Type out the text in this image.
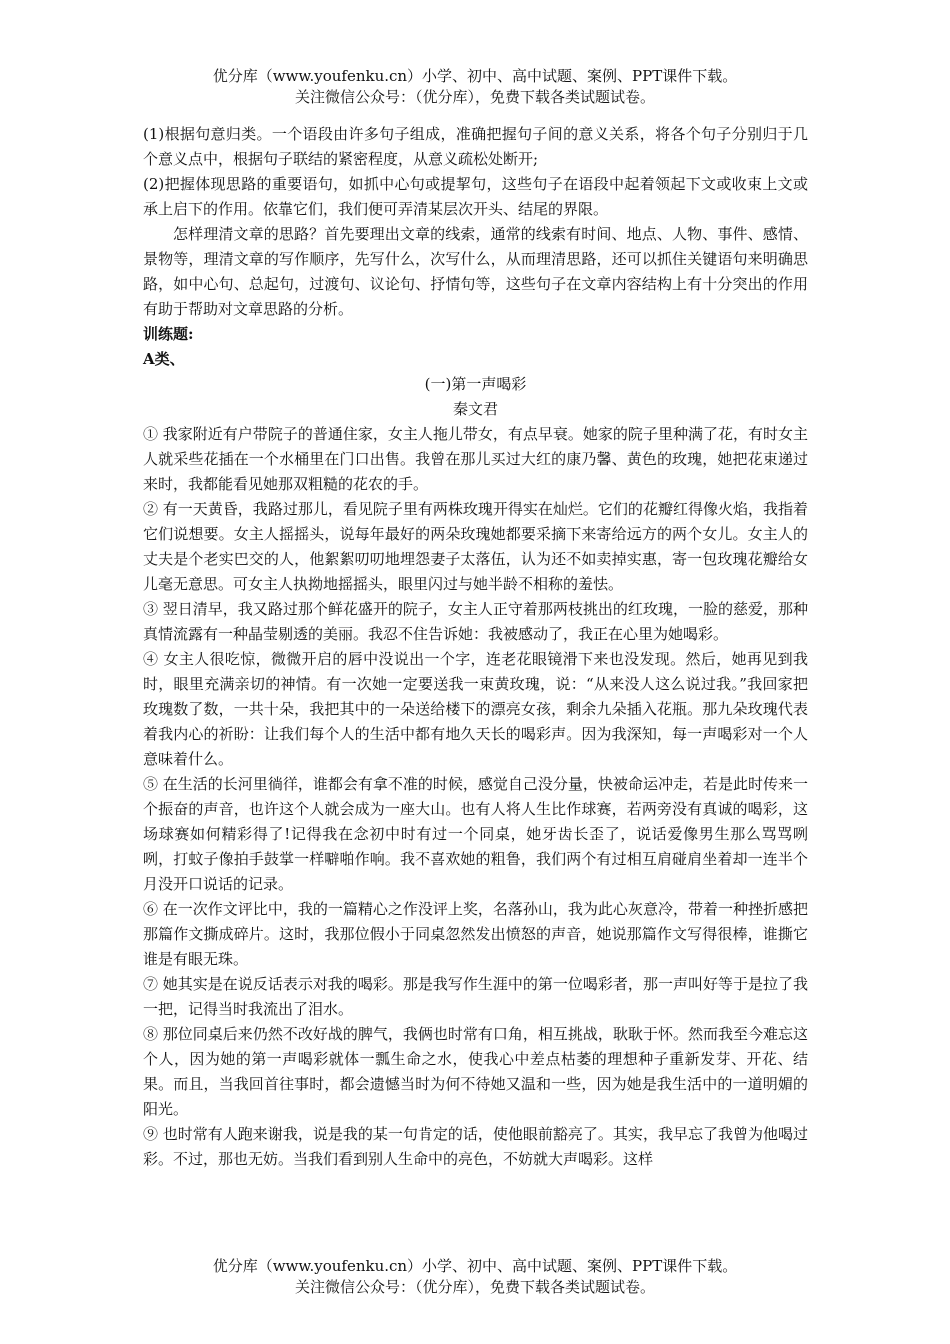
优分库（www.youfenku.cn）小学、初中、高中试题、案例、PPT课件下载。
关注微信公众号：（优分库），免费下载各类试题试卷。

(1)根据句意归类。一个语段由许多句子组成，准确把握句子间的意义关系，将各个句子分别归于几个意义点中，根据句子联结的紧密程度，从意义疏松处断开;

(2)把握体现思路的重要语句，如抓中心句或提挈句，这些句子在语段中起着领起下文或收束上文或承上启下的作用。依靠它们，我们便可弄清某层次开头、结尾的界限。

怎样理清文章的思路？首先要理出文章的线索，通常的线索有时间、地点、人物、事件、感情、景物等，理清文章的写作顺序，先写什么，次写什么，从而理清思路，还可以抓住关键语句来明确思路，如中心句、总起句，过渡句、议论句、抒情句等，这些句子在文章内容结构上有十分突出的作用有助于帮助对文章思路的分析。

训练题:

A类、

(一)第一声喝彩

秦文君

① 我家附近有户带院子的普通住家，女主人拖儿带女，有点早衰。她家的院子里种满了花，有时女主人就采些花插在一个水桶里在门口出售。我曾在那儿买过大红的康乃馨、黄色的玫瑰，她把花束递过来时，我都能看见她那双粗糙的花农的手。

② 有一天黄昏，我路过那儿，看见院子里有两株玫瑰开得实在灿烂。它们的花瓣红得像火焰，我指着它们说想要。女主人摇摇头，说每年最好的两朵玫瑰她都要采摘下来寄给远方的两个女儿。女主人的丈夫是个老实巴交的人，他絮絮叨叨地埋怨妻子太落伍，认为还不如卖掉实惠，寄一包玫瑰花瓣给女儿毫无意思。可女主人执拗地摇摇头，眼里闪过与她半龄不相称的羞怯。

③ 翌日清早，我又路过那个鲜花盛开的院子，女主人正守着那两枝挑出的红玫瑰，一脸的慈爱，那种真情流露有一种晶莹剔透的美丽。我忍不住告诉她：我被感动了，我正在心里为她喝彩。

④ 女主人很吃惊，微微开启的唇中没说出一个字，连老花眼镜滑下来也没发现。然后，她再见到我时，眼里充满亲切的神情。有一次她一定要送我一束黄玫瑰，说：“从来没人这么说过我。”我回家把玫瑰数了数，一共十朵，我把其中的一朵送给楼下的漂亮女孩，剩余九朵插入花瓶。那九朵玫瑰代表着我内心的祈盼：让我们每个人的生活中都有地久天长的喝彩声。因为我深知，每一声喝彩对一个人意味着什么。

⑤ 在生活的长河里徜徉，谁都会有拿不准的时候，感觉自己没分量，快被命运冲走，若是此时传来一个振奋的声音，也许这个人就会成为一座大山。也有人将人生比作球赛，若两旁没有真诚的喝彩，这场球赛如何精彩得了!记得我在念初中时有过一个同桌，她牙齿长歪了，说话爱像男生那么骂骂咧咧，打蚊子像拍手鼓掌一样噼啪作响。我不喜欢她的粗鲁，我们两个有过相互肩碰肩坐着却一连半个月没开口说话的记录。

⑥ 在一次作文评比中，我的一篇精心之作没评上奖，名落孙山，我为此心灰意冷，带着一种挫折感把那篇作文撕成碎片。这时，我那位假小于同桌忽然发出愤怒的声音，她说那篇作文写得很棒，谁撕它谁是有眼无珠。

⑦ 她其实是在说反话表示对我的喝彩。那是我写作生涯中的第一位喝彩者，那一声叫好等于是拉了我一把，记得当时我流出了泪水。

⑧ 那位同桌后来仍然不改好战的脾气，我俩也时常有口角，相互挑战，耿耿于怀。然而我至今难忘这个人，因为她的第一声喝彩就体一瓢生命之水，使我心中差点枯萎的理想种子重新发芽、开花、结果。而且，当我回首往事时，都会遗憾当时为何不待她又温和一些，因为她是我生活中的一道明媚的阳光。

⑨ 也时常有人跑来谢我，说是我的某一句肯定的话，使他眼前豁亮了。其实，我早忘了我曾为他喝过彩。不过，那也无妨。当我们看到别人生命中的亮色，不妨就大声喝彩。这样

优分库（www.youfenku.cn）小学、初中、高中试题、案例、PPT课件下载。
关注微信公众号：（优分库），免费下载各类试题试卷。
